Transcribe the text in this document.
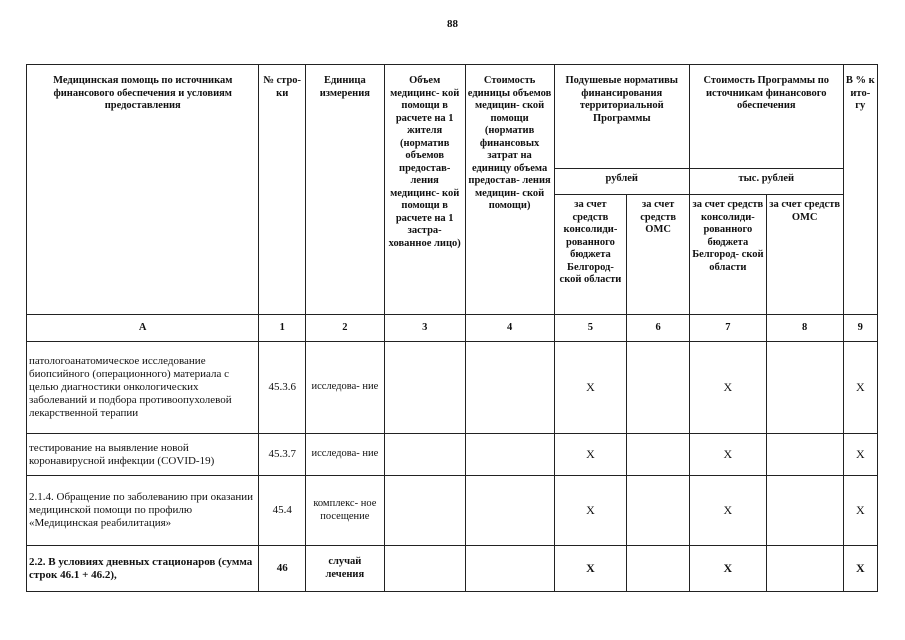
88
Медицинская помощь по источникам финансового обеспечения и условиям предоставления	№ стро- ки	Единица измерения	Объем медицинс- кой помощи в расчете на 1 жителя (норматив объемов предостав- ления медицинс- кой помощи в расчете на 1 застра- хованное лицо)	Стоимость единицы объемов медицин- ской помощи (норматив финансовых затрат на единицу объема предостав- ления медицин- ской помощи)	Подушевые нормативы финансирования территориальной Программы		Стоимость Программы по источникам финансового обеспечения		В % к ито- гу
					рублей		тыс. рублей		
					за счет средств консолиди- рованного бюджета Белгород- ской области	за счет средств ОМС	за счет средств консолиди- рованного бюджета Белгород- ской области	за счет средств ОМС	
А	1	2	3	4	5	6	7	8	9
патологоанатомическое исследование биопсийного (операционного) материала с целью диагностики онкологических заболеваний и подбора противоопухолевой лекарственной терапии	45.3.6	исследова- ние			Х		Х		Х
тестирование на выявление новой коронавирусной инфекции (COVID-19)	45.3.7	исследова- ние			Х		Х		Х
2.1.4. Обращение по заболеванию при оказании медицинской помощи по профилю «Медицинская реабилитация»	45.4	комплекс- ное посещение			Х		Х		Х
2.2. В условиях дневных стационаров (сумма строк 46.1 + 46.2),	46	случай лечения			Х		Х		Х
